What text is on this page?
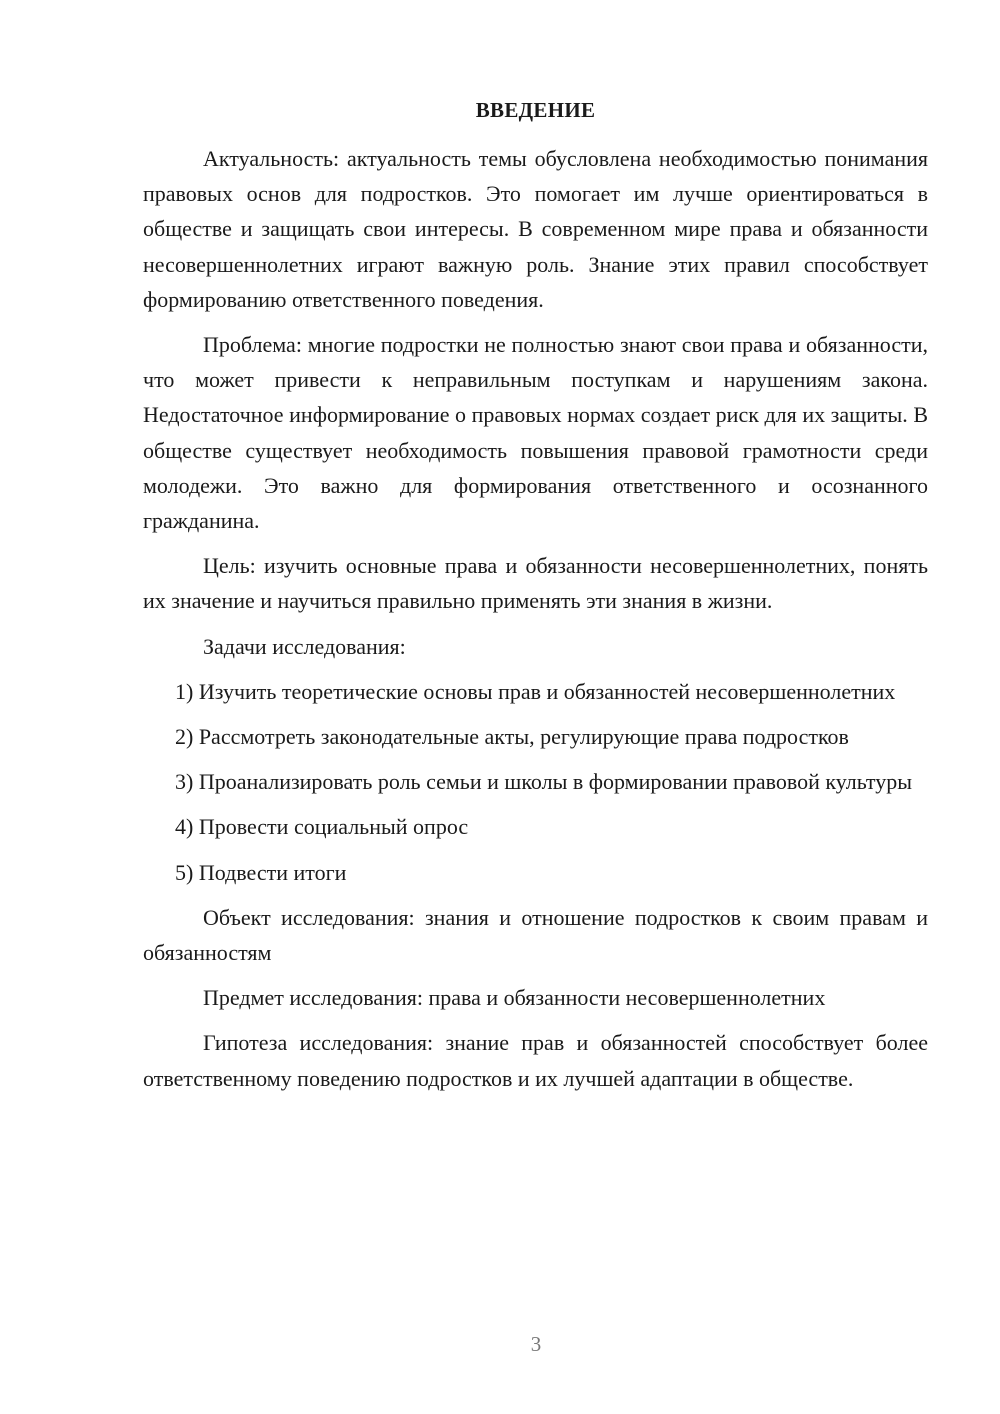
ВВЕДЕНИЕ

Актуальность: актуальность темы обусловлена необходимостью понимания правовых основ для подростков. Это помогает им лучше ориентироваться в обществе и защищать свои интересы. В современном мире права и обязанности несовершеннолетних играют важную роль. Знание этих правил способствует формированию ответственного поведения.

Проблема: многие подростки не полностью знают свои права и обязанности, что может привести к неправильным поступкам и нарушениям закона. Недостаточное информирование о правовых нормах создает риск для их защиты. В обществе существует необходимость повышения правовой грамотности среди молодежи. Это важно для формирования ответственного и осознанного гражданина.

Цель: изучить основные права и обязанности несовершеннолетних, понять их значение и научиться правильно применять эти знания в жизни.

Задачи исследования:

1) Изучить теоретические основы прав и обязанностей несовершеннолетних

2) Рассмотреть законодательные акты, регулирующие права подростков

3) Проанализировать роль семьи и школы в формировании правовой культуры

4) Провести социальный опрос

5) Подвести итоги

Объект исследования: знания и отношение подростков к своим правам и обязанностям

Предмет исследования: права и обязанности несовершеннолетних

Гипотеза исследования: знание прав и обязанностей способствует более ответственному поведению подростков и их лучшей адаптации в обществе.

3
